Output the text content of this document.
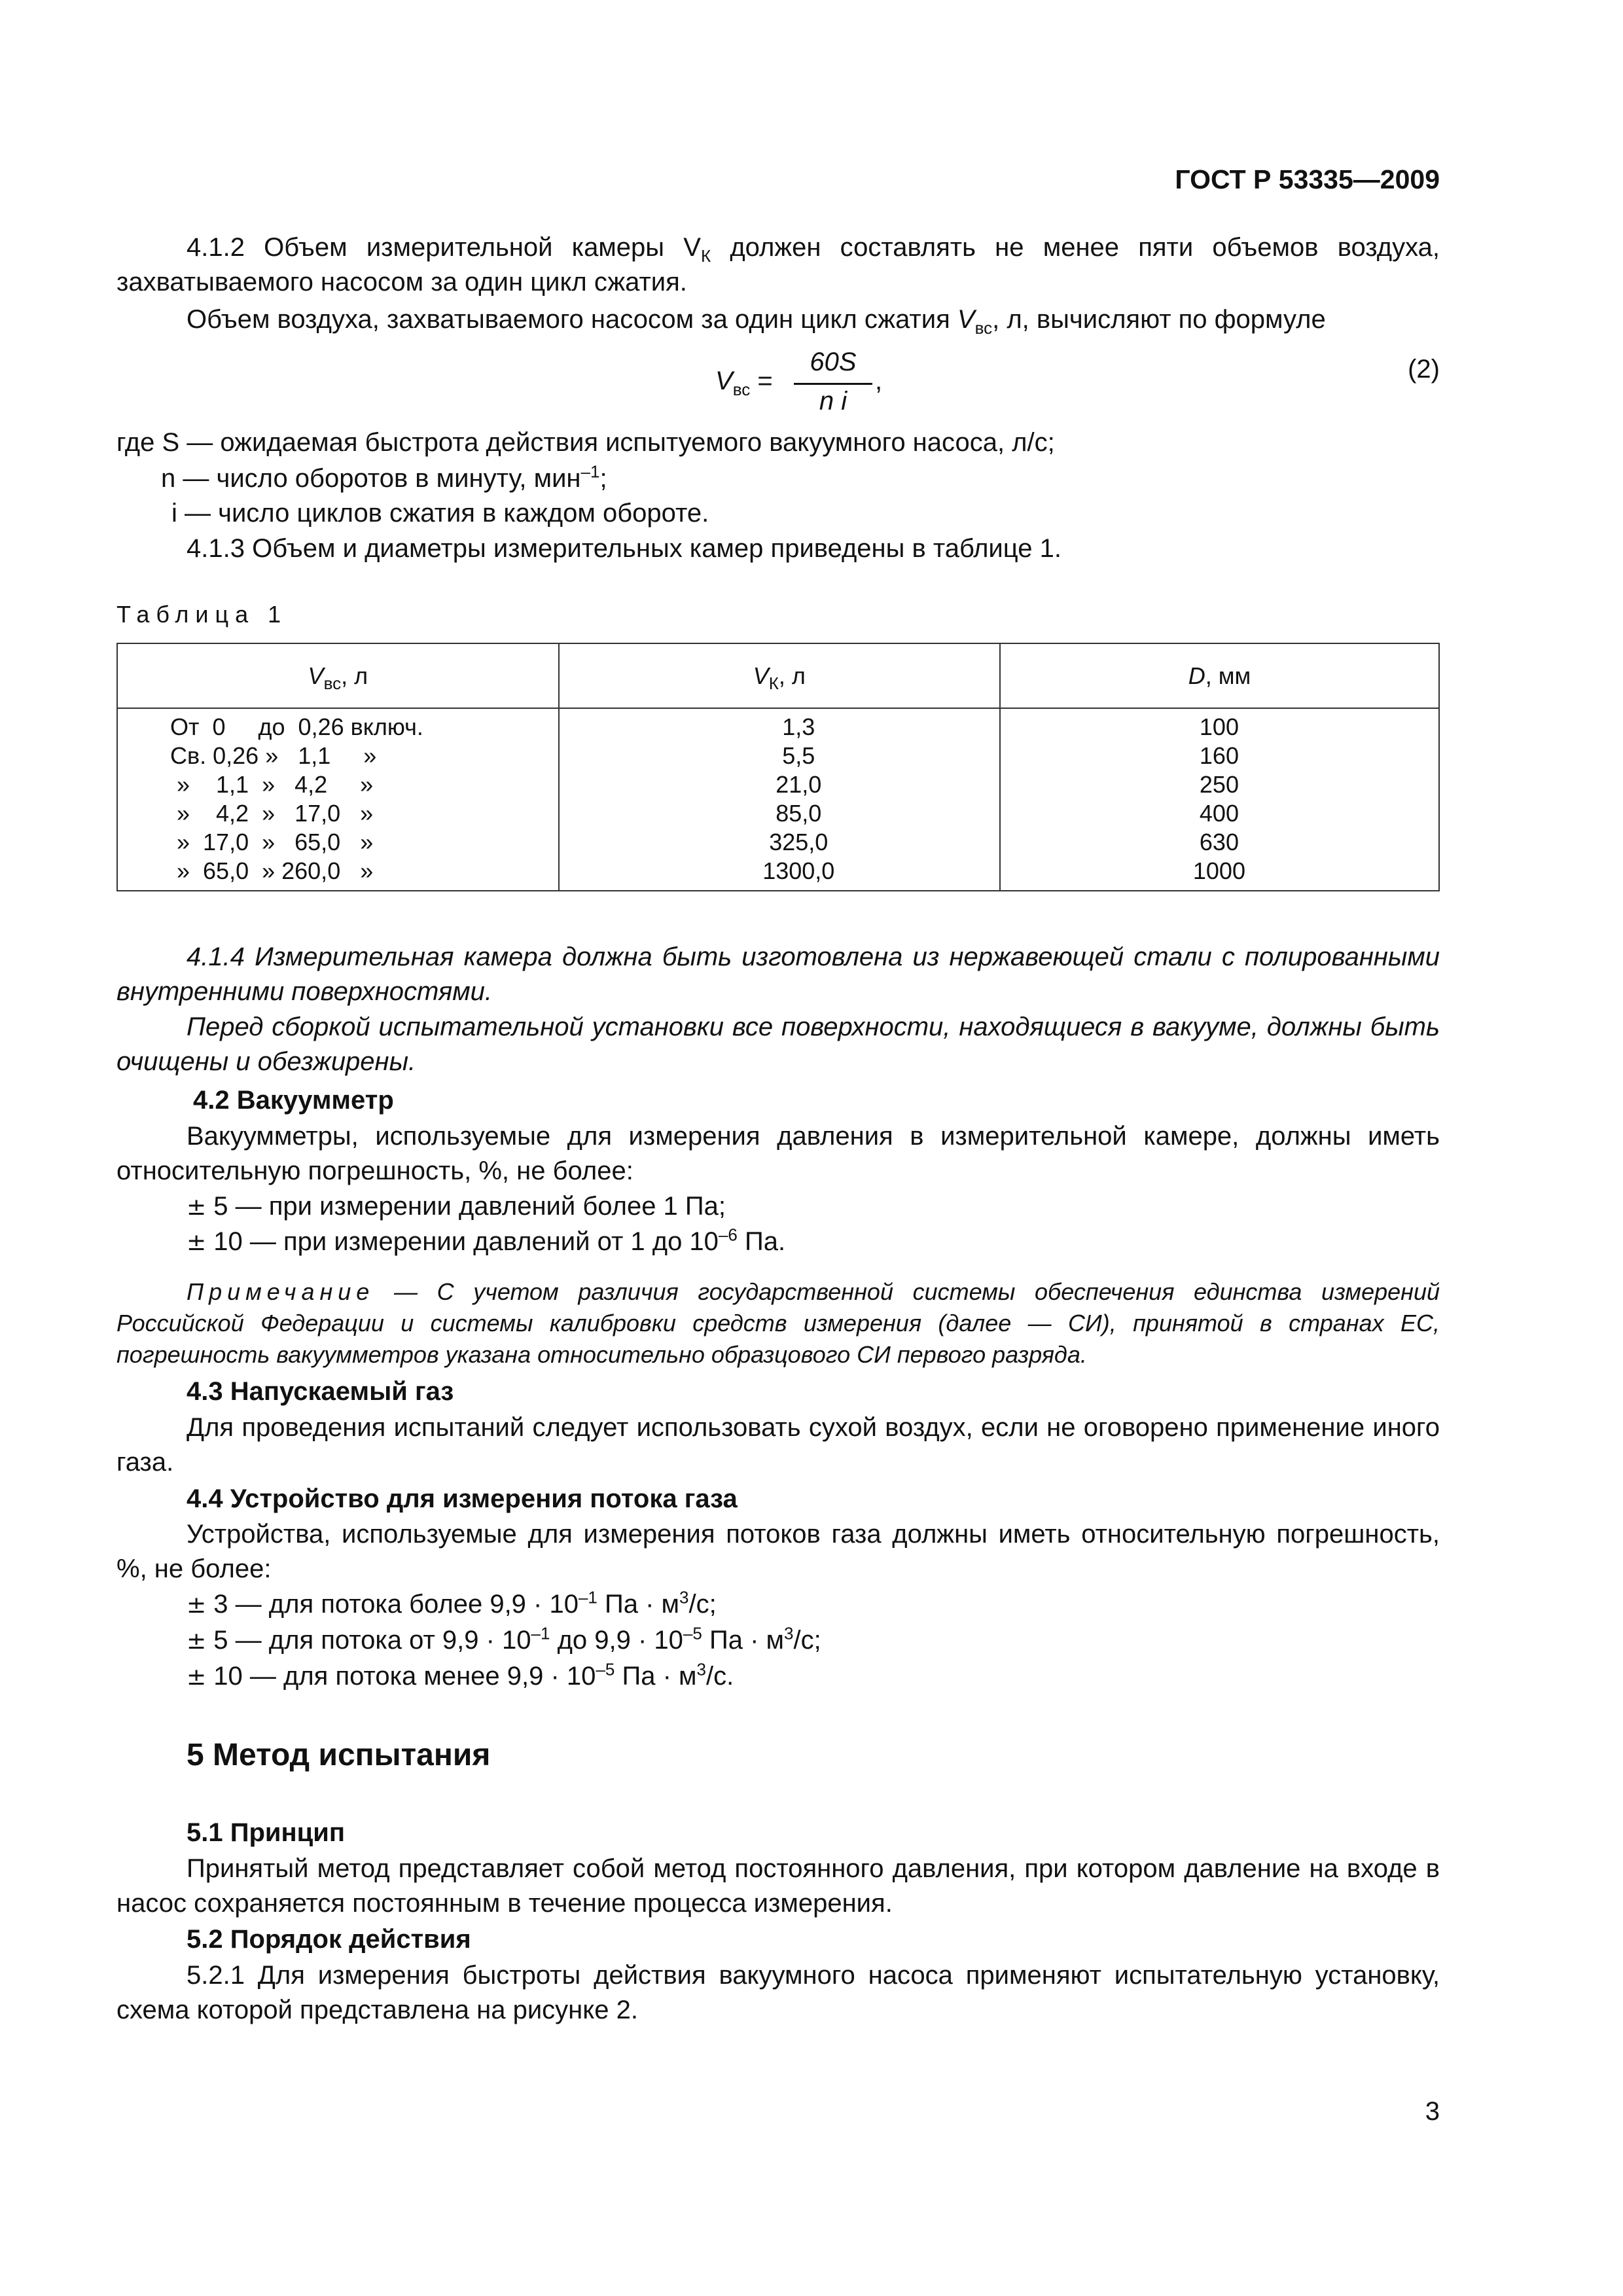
ГОСТ Р 53335—2009

4.1.2 Объем измерительной камеры $V_К$ должен составлять не менее пяти объемов воздуха, захватываемого насосом за один цикл сжатия.

Объем воздуха, захватываемого насосом за один цикл сжатия $V_{вс}$, л, вычисляют по формуле

$V_{вс}$ =
60S
n i
,	(2)

где S — ожидаемая быстрота действия испытуемого вакуумного насоса, л/с;

n — число оборотов в минуту, мин$^{-1}$;

i — число циклов сжатия в каждом обороте.

4.1.3 Объем и диаметры измерительных камер приведены в таблице 1.

Таблица 1
$V_{вс}$, л	$V_К$, л	D, мм
От  0     до  0,26 включ.	1,3	100
Св. 0,26 »   1,1     »	5,5	160
»    1,1  »   4,2     »	21,0	250
»    4,2  »   17,0   »	85,0	400
»  17,0  »   65,0   »	325,0	630
»  65,0  » 260,0   »	1300,0	1000

4.1.4 Измерительная камера должна быть изготовлена из нержавеющей стали с полированными внутренними поверхностями.

Перед сборкой испытательной установки все поверхности, находящиеся в вакууме, должны быть очищены и обезжирены.

4.2 Вакуумметр

Вакуумметры, используемые для измерения давления в измерительной камере, должны иметь относительную погрешность, %, не более:

± 5 — при измерении давлений более 1 Па;

± 10 — при измерении давлений от 1 до $10^{-6}$ Па.

Примечание — С учетом различия государственной системы обеспечения единства измерений Российской Федерации и системы калибровки средств измерения (далее — СИ), принятой в странах ЕС, погрешность вакуумметров указана относительно образцового СИ первого разряда.

4.3 Напускаемый газ

Для проведения испытаний следует использовать сухой воздух, если не оговорено применение иного газа.

4.4 Устройство для измерения потока газа

Устройства, используемые для измерения потоков газа должны иметь относительную погрешность, %, не более:

± 3 — для потока более $9,9 \cdot 10^{-1}$ Па · $м^3/с$;

± 5 — для потока от $9,9 \cdot 10^{-1}$ до $9,9 \cdot 10^{-5}$ Па · $м^3/с$;

± 10 — для потока менее $9,9 \cdot 10^{-5}$ Па · $м^3/с$.

5 Метод испытания

5.1 Принцип

Принятый метод представляет собой метод постоянного давления, при котором давление на входе в насос сохраняется постоянным в течение процесса измерения.

5.2 Порядок действия

5.2.1 Для измерения быстроты действия вакуумного насоса применяют испытательную установку, схема которой представлена на рисунке 2.

3
